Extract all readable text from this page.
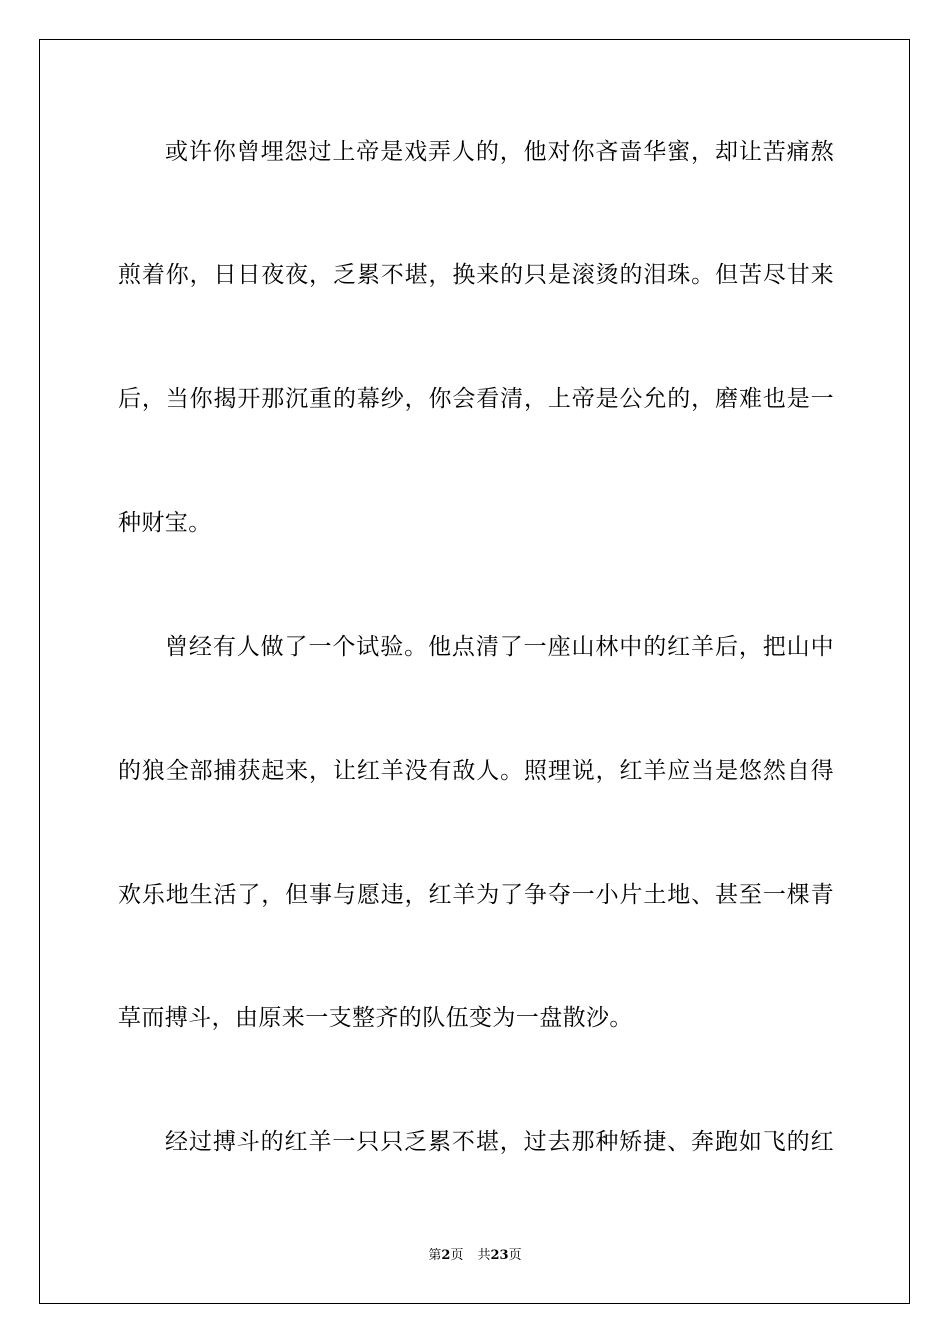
或许你曾埋怨过上帝是戏弄人的，他对你吝啬华蜜，却让苦痛熬
煎着你，日日夜夜，乏累不堪，换来的只是滚烫的泪珠。但苦尽甘来
后，当你揭开那沉重的幕纱，你会看清，上帝是公允的，磨难也是一
种财宝。
曾经有人做了一个试验。他点清了一座山林中的红羊后，把山中
的狼全部捕获起来，让红羊没有敌人。照理说，红羊应当是悠然自得
欢乐地生活了，但事与愿违，红羊为了争夺一小片土地、甚至一棵青
草而搏斗，由原来一支整齐的队伍变为一盘散沙。
经过搏斗的红羊一只只乏累不堪，过去那种矫捷、奔跑如飞的红
第2页 共23页
